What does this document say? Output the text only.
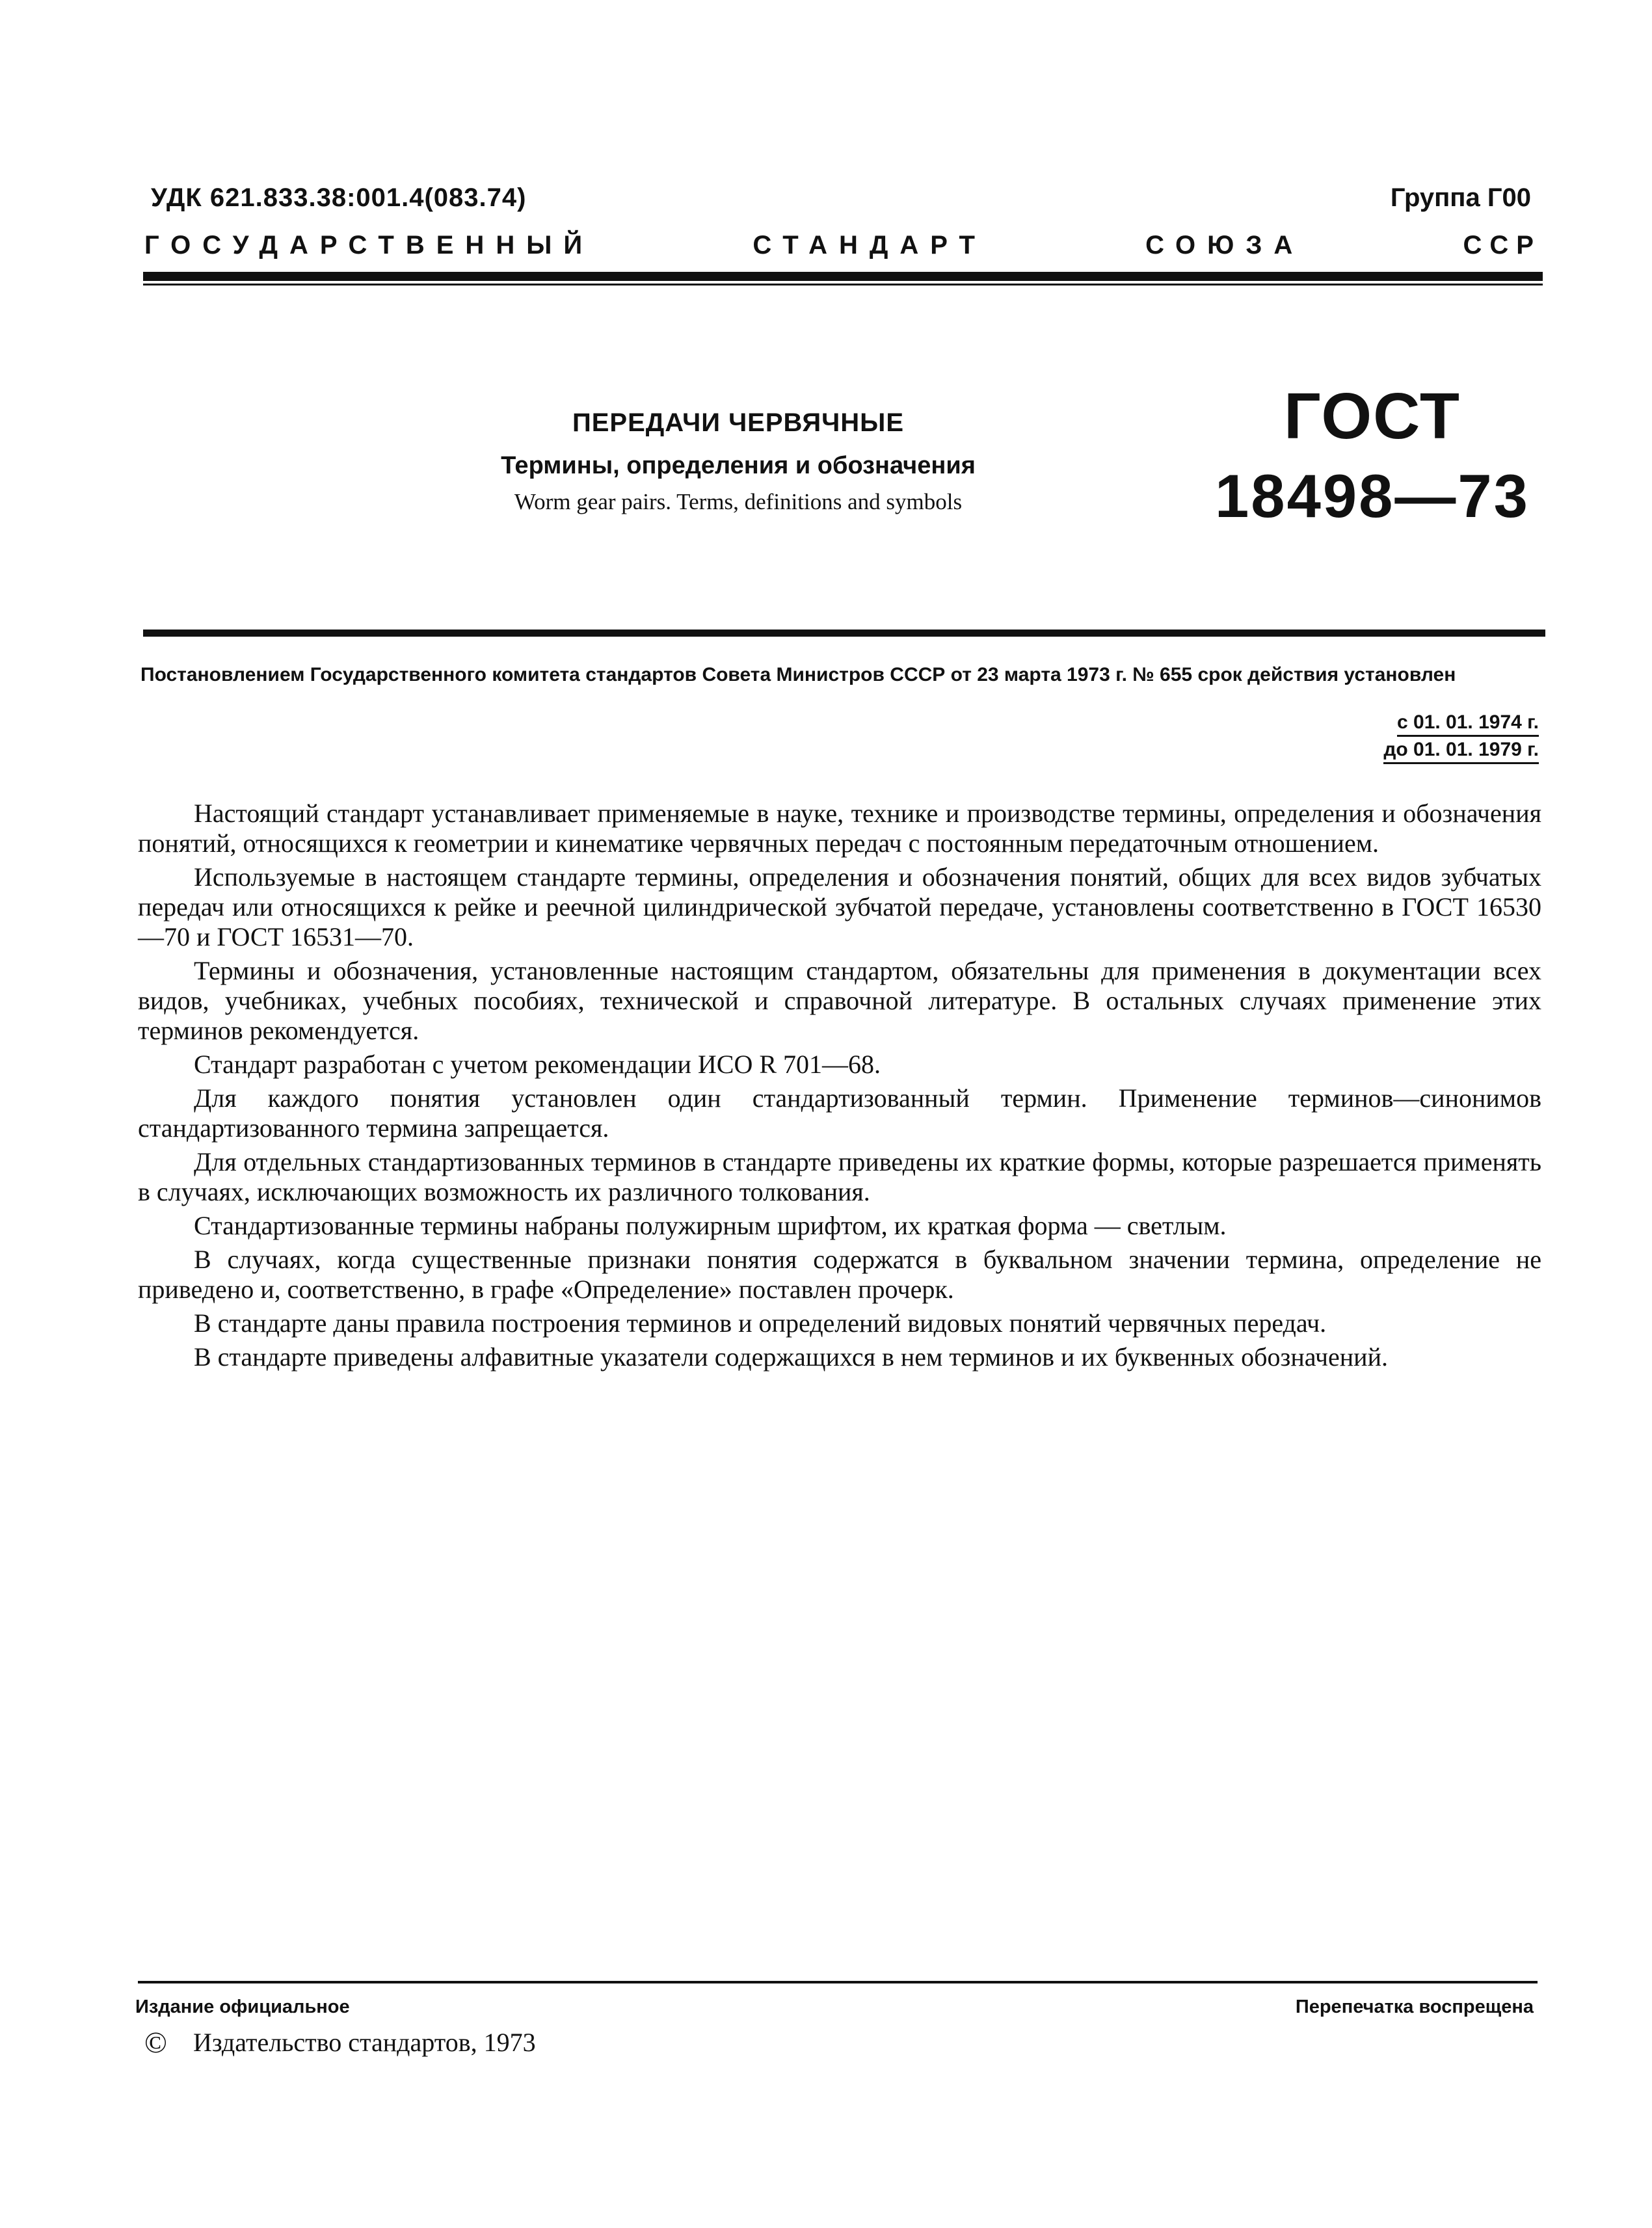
УДК 621.833.38:001.4(083.74)	Группа Г00
ГОСУДАРСТВЕННЫЙ	СТАНДАРТ	СОЮЗА	ССР
ПЕРЕДАЧИ ЧЕРВЯЧНЫЕ
Термины, определения и обозначения
Worm gear pairs. Terms, definitions and symbols
ГОСТ
18498—73
Постановлением Государственного комитета стандартов Совета Министров СССР от 23 марта 1973 г. № 655 срок действия установлен
с 01. 01. 1974 г.
до 01. 01. 1979 г.

Настоящий стандарт устанавливает применяемые в науке, технике и производстве термины, определения и обозначения понятий, относящихся к геометрии и кинематике червячных передач с постоянным передаточным отношением.

Используемые в настоящем стандарте термины, определения и обозначения понятий, общих для всех видов зубчатых передач или относящихся к рейке и реечной цилиндрической зубчатой передаче, установлены соответственно в ГОСТ 16530—70 и ГОСТ 16531—70.

Термины и обозначения, установленные настоящим стандартом, обязательны для применения в документации всех видов, учебниках, учебных пособиях, технической и справочной литературе. В остальных случаях применение этих терминов рекомендуется.

Стандарт разработан с учетом рекомендации ИСО R 701—68.

Для каждого понятия установлен один стандартизованный термин. Применение терминов—синонимов стандартизованного термина запрещается.

Для отдельных стандартизованных терминов в стандарте приведены их краткие формы, которые разрешается применять в случаях, исключающих возможность их различного толкования.

Стандартизованные термины набраны полужирным шрифтом, их краткая форма — светлым.

В случаях, когда существенные признаки понятия содержатся в буквальном значении термина, определение не приведено и, соответственно, в графе «Определение» поставлен прочерк.

В стандарте даны правила построения терминов и определений видовых понятий червячных передач.

В стандарте приведены алфавитные указатели содержащихся в нем терминов и их буквенных обозначений.

Издание официальное	Перепечатка воспрещена
© Издательство стандартов, 1973
